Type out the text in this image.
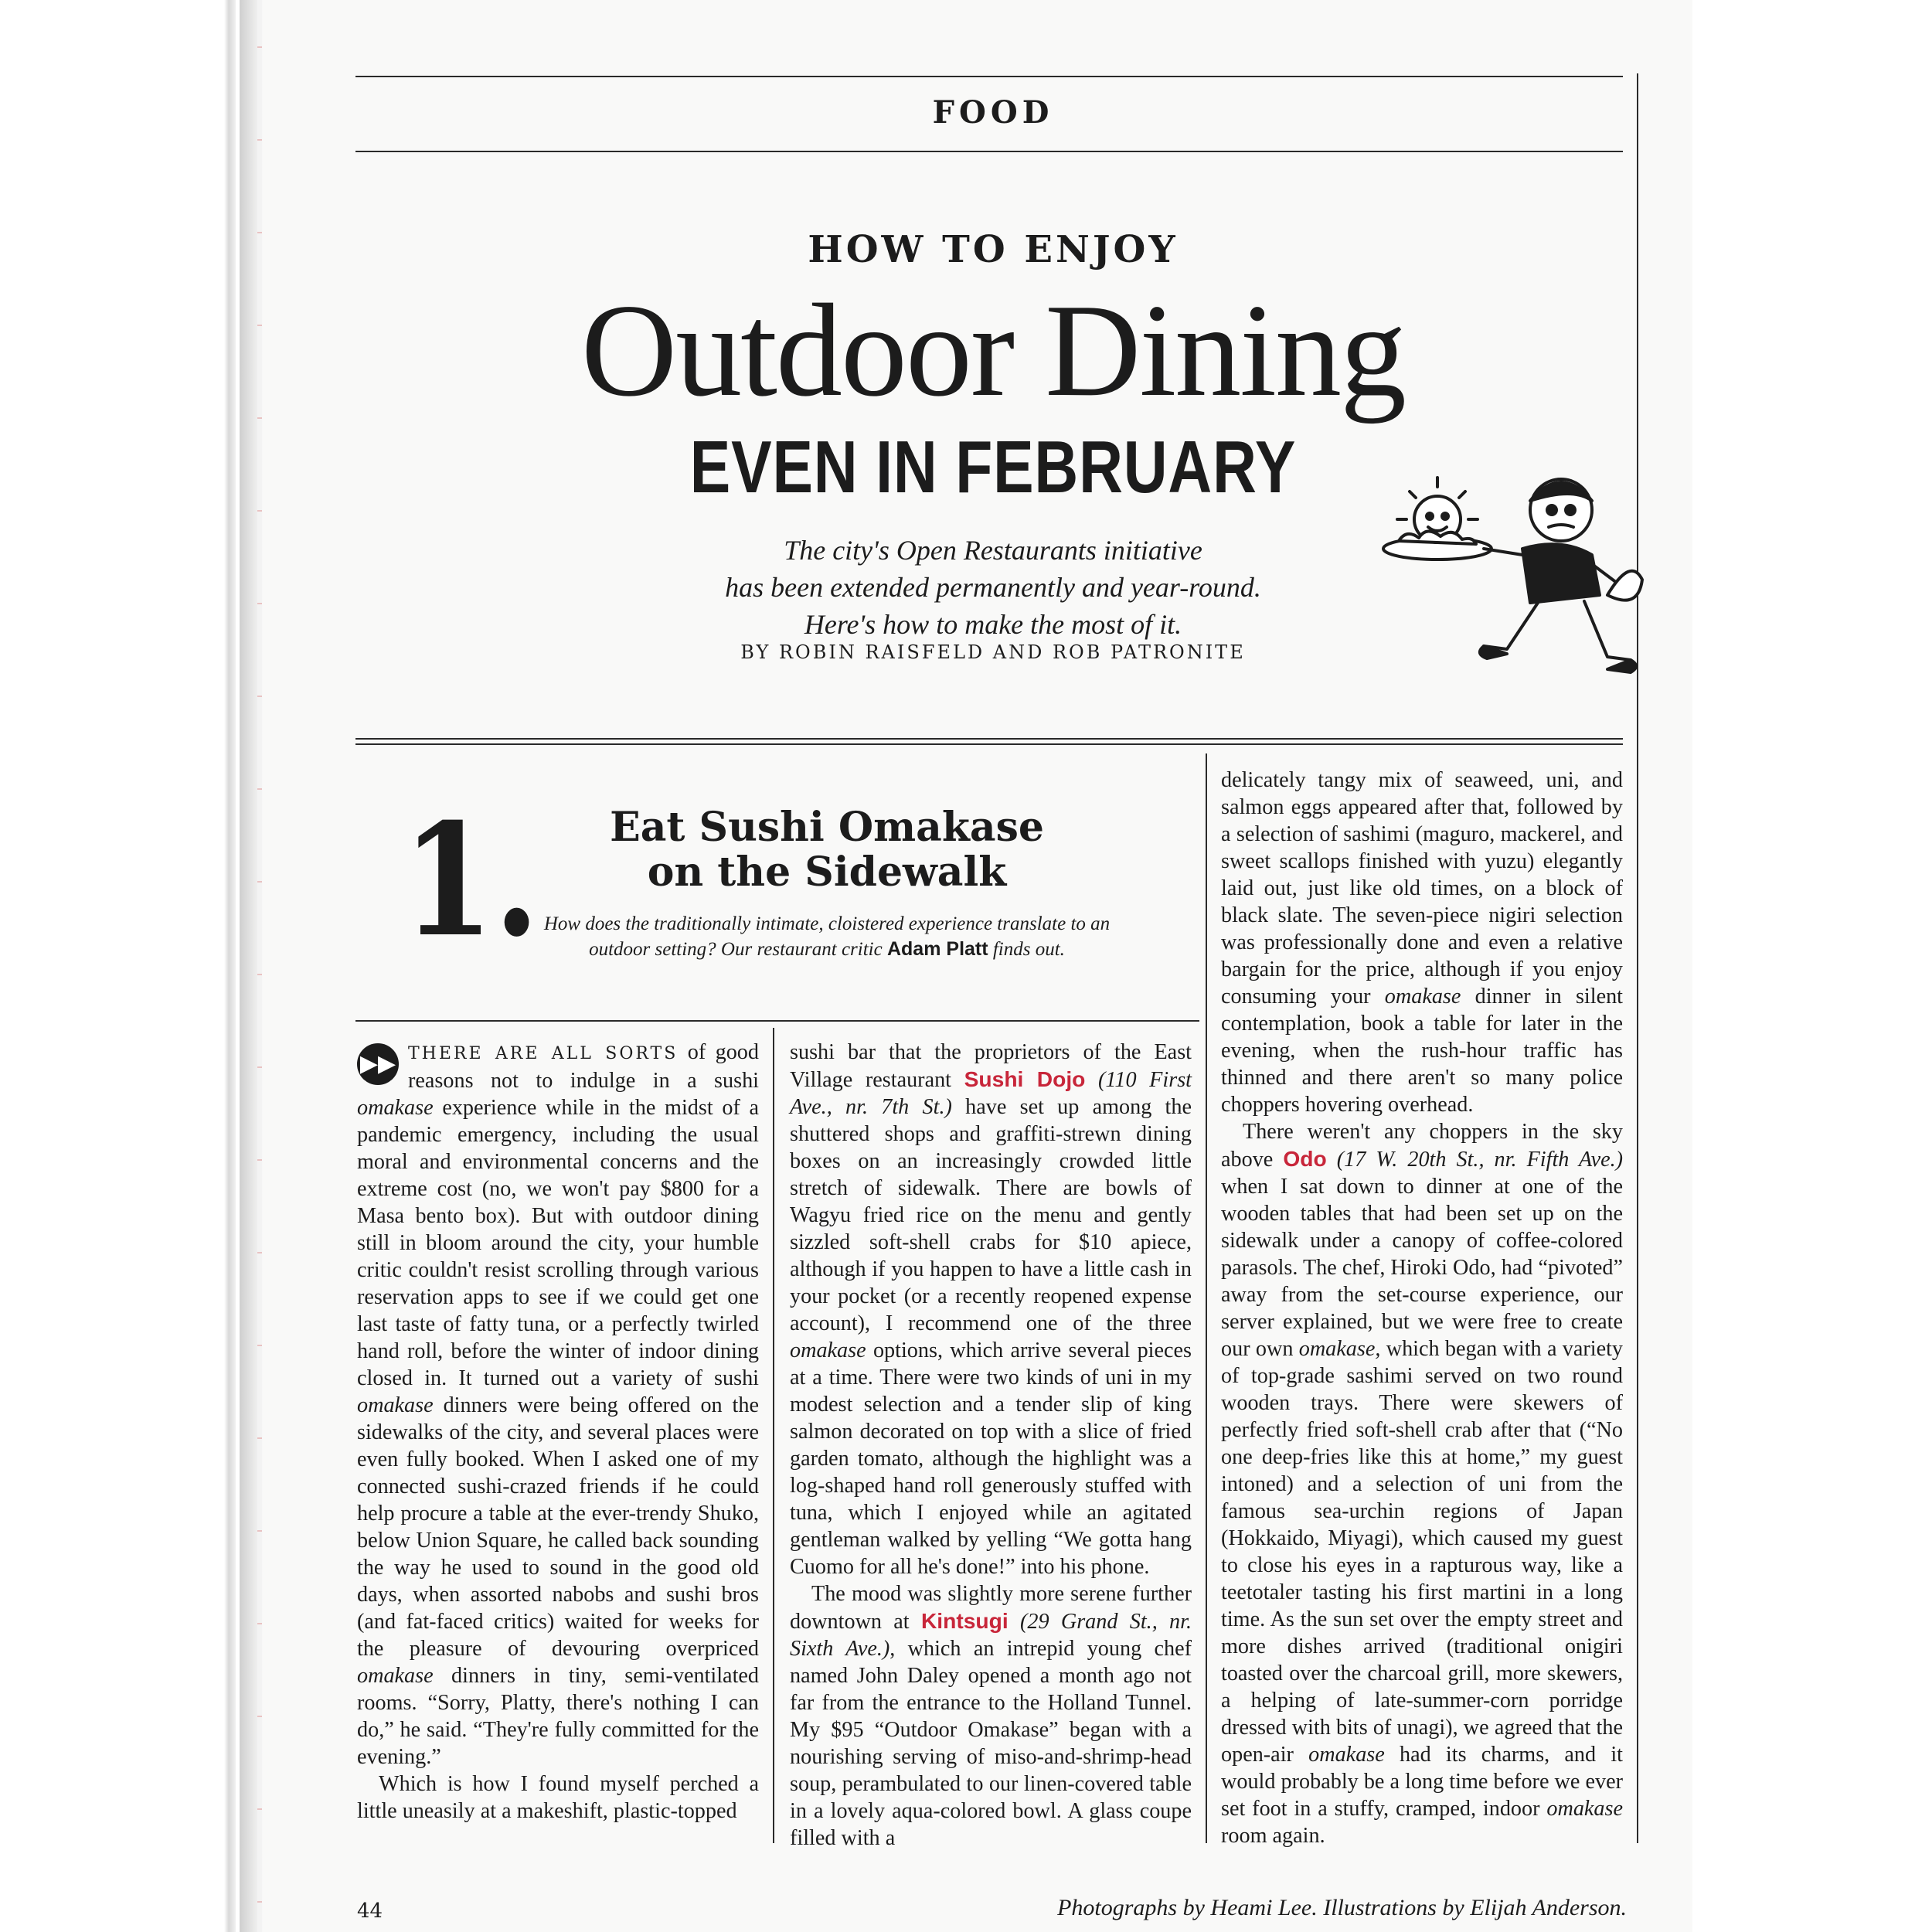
FOOD
HOW TO ENJOY
Outdoor Dining
EVEN IN FEBRUARY
The city's Open Restaurants initiative
has been extended permanently and year-round.
Here's how to make the most of it.
BY ROBIN RAISFELD AND ROB PATRONITE
1.	Eat Sushi Omakase
on the Sidewalk
How does the traditionally intimate, cloistered experience translate to an outdoor setting? Our restaurant critic Adam Platt finds out.

▶▶ THERE ARE ALL SORTS of good reasons not to indulge in a sushi omakase experience while in the midst of a pandemic emergency, including the usual moral and environmental concerns and the extreme cost (no, we won't pay $800 for a Masa bento box). But with outdoor dining still in bloom around the city, your humble critic couldn't resist scrolling through various reservation apps to see if we could get one last taste of fatty tuna, or a perfectly twirled hand roll, before the winter of indoor dining closed in. It turned out a variety of sushi omakase dinners were being offered on the sidewalks of the city, and several places were even fully booked. When I asked one of my connected sushi-crazed friends if he could help procure a table at the ever-trendy Shuko, below Union Square, he called back sounding the way he used to sound in the good old days, when assorted nabobs and sushi bros (and fat-faced critics) waited for weeks for the pleasure of devouring overpriced omakase dinners in tiny, semi-ventilated rooms. “Sorry, Platty, there's nothing I can do,” he said. “They're fully committed for the evening.”

Which is how I found myself perched a little uneasily at a makeshift, plastic-topped

sushi bar that the proprietors of the East Village restaurant Sushi Dojo (110 First Ave., nr. 7th St.) have set up among the shuttered shops and graffiti-strewn dining boxes on an increasingly crowded little stretch of sidewalk. There are bowls of Wagyu fried rice on the menu and gently sizzled soft-shell crabs for $10 apiece, although if you happen to have a little cash in your pocket (or a recently reopened expense account), I recommend one of the three omakase options, which arrive several pieces at a time. There were two kinds of uni in my modest selection and a tender slip of king salmon decorated on top with a slice of fried garden tomato, although the highlight was a log-shaped hand roll generously stuffed with tuna, which I enjoyed while an agitated gentleman walked by yelling “We gotta hang Cuomo for all he's done!” into his phone.

The mood was slightly more serene further downtown at Kintsugi (29 Grand St., nr. Sixth Ave.), which an intrepid young chef named John Daley opened a month ago not far from the entrance to the Holland Tunnel. My $95 “Outdoor Omakase” began with a nourishing serving of miso-and-shrimp-head soup, perambulated to our linen-covered table in a lovely aqua-colored bowl. A glass coupe filled with a

delicately tangy mix of seaweed, uni, and salmon eggs appeared after that, followed by a selection of sashimi (maguro, mackerel, and sweet scallops finished with yuzu) elegantly laid out, just like old times, on a block of black slate. The seven-piece nigiri selection was professionally done and even a relative bargain for the price, although if you enjoy consuming your omakase dinner in silent contemplation, book a table for later in the evening, when the rush-hour traffic has thinned and there aren't so many police choppers hovering overhead.

There weren't any choppers in the sky above Odo (17 W. 20th St., nr. Fifth Ave.) when I sat down to dinner at one of the wooden tables that had been set up on the sidewalk under a canopy of coffee-colored parasols. The chef, Hiroki Odo, had “pivoted” away from the set-course experience, our server explained, but we were free to create our own omakase, which began with a variety of top-grade sashimi served on two round wooden trays. There were skewers of perfectly fried soft-shell crab after that (“No one deep-fries like this at home,” my guest intoned) and a selection of uni from the famous sea-urchin regions of Japan (Hokkaido, Miyagi), which caused my guest to close his eyes in a rapturous way, like a teetotaler tasting his first martini in a long time. As the sun set over the empty street and more dishes arrived (traditional onigiri toasted over the charcoal grill, more skewers, a helping of late-summer-corn porridge dressed with bits of unagi), we agreed that the open-air omakase had its charms, and it would probably be a long time before we ever set foot in a stuffy, cramped, indoor omakase room again.

44	Photographs by Heami Lee. Illustrations by Elijah Anderson.
